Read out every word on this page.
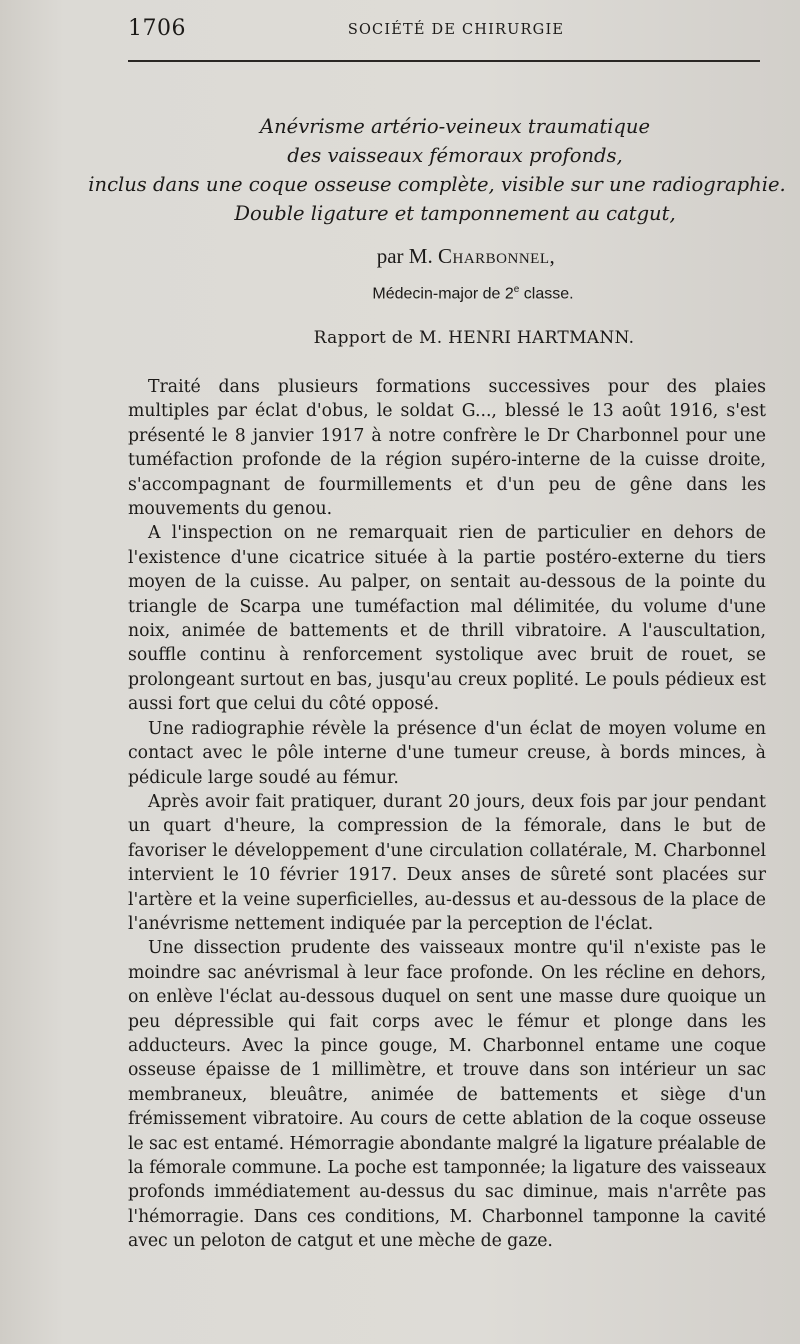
1706	SOCIÉTÉ DE CHIRURGIE
Anévrisme artério-veineux traumatique
des vaisseaux fémoraux profonds,
inclus dans une coque osseuse complète, visible sur une radiographie.
Double ligature et tamponnement au catgut,
par M. Charbonnel,
Médecin-major de 2e classe.
Rapport de M. HENRI HARTMANN.

Traité dans plusieurs formations successives pour des plaies multiples par éclat d'obus, le soldat G..., blessé le 13 août 1916, s'est présenté le 8 janvier 1917 à notre confrère le Dr Charbonnel pour une tuméfaction profonde de la région supéro-interne de la cuisse droite, s'accompagnant de fourmillements et d'un peu de gêne dans les mouvements du genou.

A l'inspection on ne remarquait rien de particulier en dehors de l'existence d'une cicatrice située à la partie postéro-externe du tiers moyen de la cuisse. Au palper, on sentait au-dessous de la pointe du triangle de Scarpa une tuméfaction mal délimitée, du volume d'une noix, animée de battements et de thrill vibratoire. A l'auscultation, souffle continu à renforcement systolique avec bruit de rouet, se prolongeant surtout en bas, jusqu'au creux poplité. Le pouls pédieux est aussi fort que celui du côté opposé.

Une radiographie révèle la présence d'un éclat de moyen volume en contact avec le pôle interne d'une tumeur creuse, à bords minces, à pédicule large soudé au fémur.

Après avoir fait pratiquer, durant 20 jours, deux fois par jour pendant un quart d'heure, la compression de la fémorale, dans le but de favoriser le développement d'une circulation collatérale, M. Charbonnel intervient le 10 février 1917. Deux anses de sûreté sont placées sur l'artère et la veine superficielles, au-dessus et au-dessous de la place de l'anévrisme nettement indiquée par la perception de l'éclat.

Une dissection prudente des vaisseaux montre qu'il n'existe pas le moindre sac anévrismal à leur face profonde. On les récline en dehors, on enlève l'éclat au-dessous duquel on sent une masse dure quoique un peu dépressible qui fait corps avec le fémur et plonge dans les adducteurs. Avec la pince gouge, M. Charbonnel entame une coque osseuse épaisse de 1 millimètre, et trouve dans son intérieur un sac membraneux, bleuâtre, animée de battements et siège d'un frémissement vibratoire. Au cours de cette ablation de la coque osseuse le sac est entamé. Hémorragie abondante malgré la ligature préalable de la fémorale commune. La poche est tamponnée; la ligature des vaisseaux profonds immédiatement au-dessus du sac diminue, mais n'arrête pas l'hémorragie. Dans ces conditions, M. Charbonnel tamponne la cavité avec un peloton de catgut et une mèche de gaze.
